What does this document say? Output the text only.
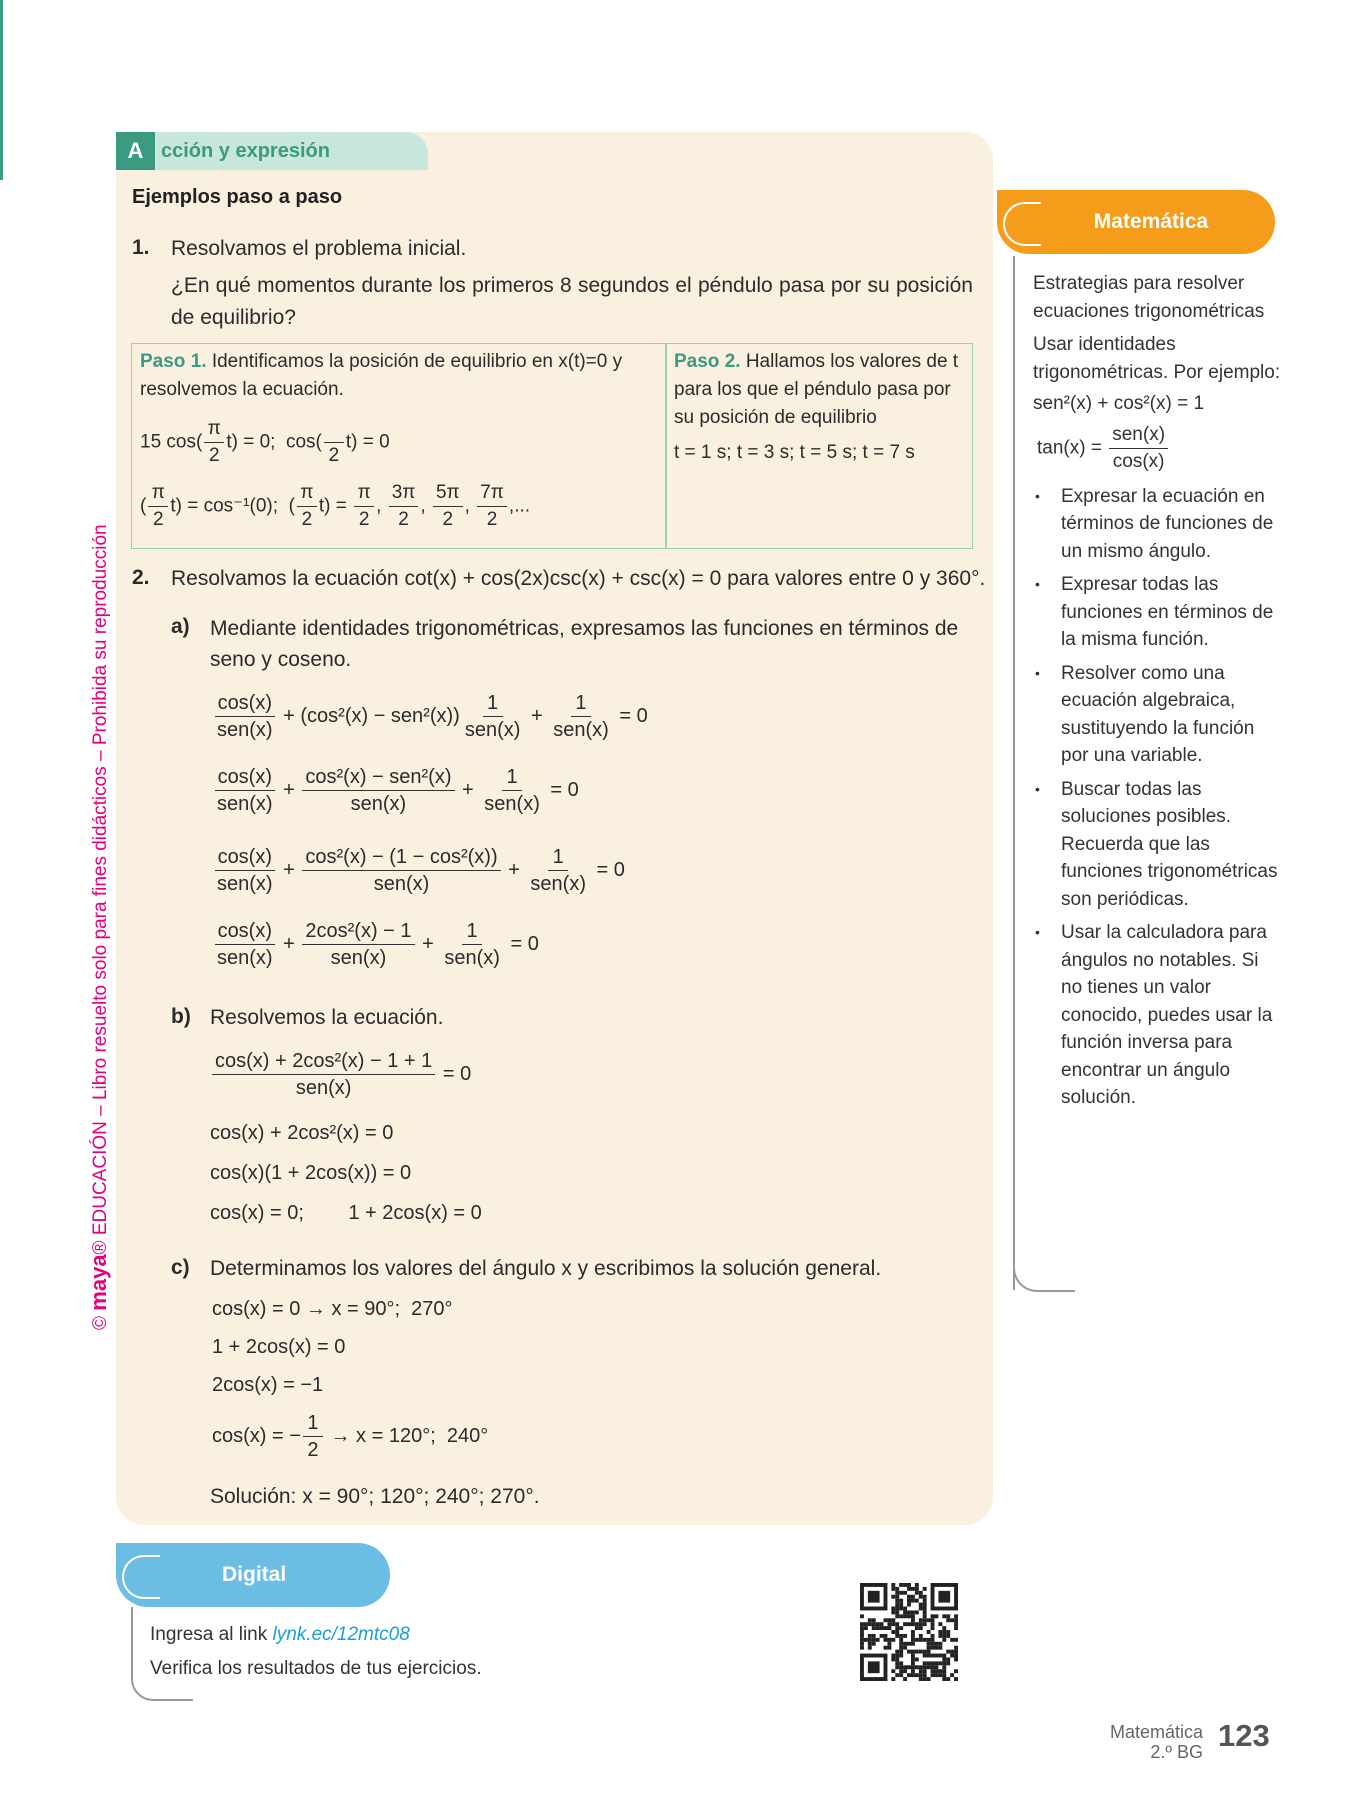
A cción y expresión
Ejemplos paso a paso
1. Resolvamos el problema inicial.
¿En qué momentos durante los primeros 8 segundos el péndulo pasa por su posición de equilibrio?
Paso 1. Identificamos la posición de equilibrio en x(t)=0 y resolvemos la ecuación.
15 $\cos( \frac{\pi}{2} t) = 0$;  cos(
2
t) = 0
( $\frac{\pi}{2} t) = \cos^{-1}(0)$;  ( $\frac{\pi}{2} t) = \frac{\pi}{2}$ , $\frac{3\pi}{2}$ , $\frac{5\pi}{2}$ , $\frac{7\pi}{2}$ ,...
Paso 2. Hallamos los valores de t para los que el péndulo pasa por su posición de equilibrio
t = 1 s; t = 3 s; t = 5 s; t = 7 s
2. Resolvamos la ecuación cot(x) + cos(2x)csc(x) + csc(x) = 0 para valores entre 0 y 360°.
a) Mediante identidades trigonométricas, expresamos las funciones en términos de seno y coseno.
$\frac{\cos(x)}{\text{sen(x)}} + (\cos^2(x) - sen^2(x)) \frac{1}{\text{sen(x)}} + \frac{1}{\text{sen(x)}} = 0$
$\frac{\cos(x)}{\text{sen(x)}} + \frac{\text{cos²(x) − sen²(x)}}{\text{sen(x)}} + \frac{1}{\text{sen(x)}} = 0$
$\frac{\cos(x)}{\text{sen(x)}} + \frac{\text{cos²(x) − (1 − cos²(x))}}{\text{sen(x)}} + \frac{1}{\text{sen(x)}} = 0$
$\frac{\cos(x)}{\text{sen(x)}} + \frac{\text{2cos²(x) − 1}}{\text{sen(x)}} + \frac{1}{\text{sen(x)}} = 0$
b) Resolvemos la ecuación.
$\frac{\text{cos(x) + 2cos²(x) − 1 + 1}}{\text{sen(x)}} = 0$
cos(x) + 2cos²(x) = 0
cos(x)(1 + 2cos(x)) = 0
cos(x) = 0;        1 + 2cos(x) = 0
c) Determinamos los valores del ángulo x y escribimos la solución general.
cos(x) = 0 → x = 90°;  270°
1 + 2cos(x) = 0
2cos(x) = −1
cos(x) = − $\frac{1}{2} \to x = 120^\circ$;  240°
Solución: x = 90°; 120°; 240°; 270°.
Matemática
Estrategias para resolver ecuaciones trigonométricas
Usar identidades trigonométricas. Por ejemplo:
sen²(x) + cos²(x) = 1
$\tan(x) = \frac{\text{sen(x)}}{\cos(x)}$
• Expresar la ecuación en términos de funciones de un mismo ángulo.
• Expresar todas las funciones en términos de la misma función.
• Resolver como una ecuación algebraica, sustituyendo la función por una variable.
• Buscar todas las soluciones posibles. Recuerda que las funciones trigonométricas son periódicas.
• Usar la calculadora para ángulos no notables. Si no tienes un valor conocido, puedes usar la función inversa para encontrar un ángulo solución.
Digital
Ingresa al link lynk.ec/12mtc08
Verifica los resultados de tus ejercicios.
© maya® EDUCACIÓN – Libro resuelto solo para fines didácticos – Prohibida su reproducción
Matemática
2.º BG 123
